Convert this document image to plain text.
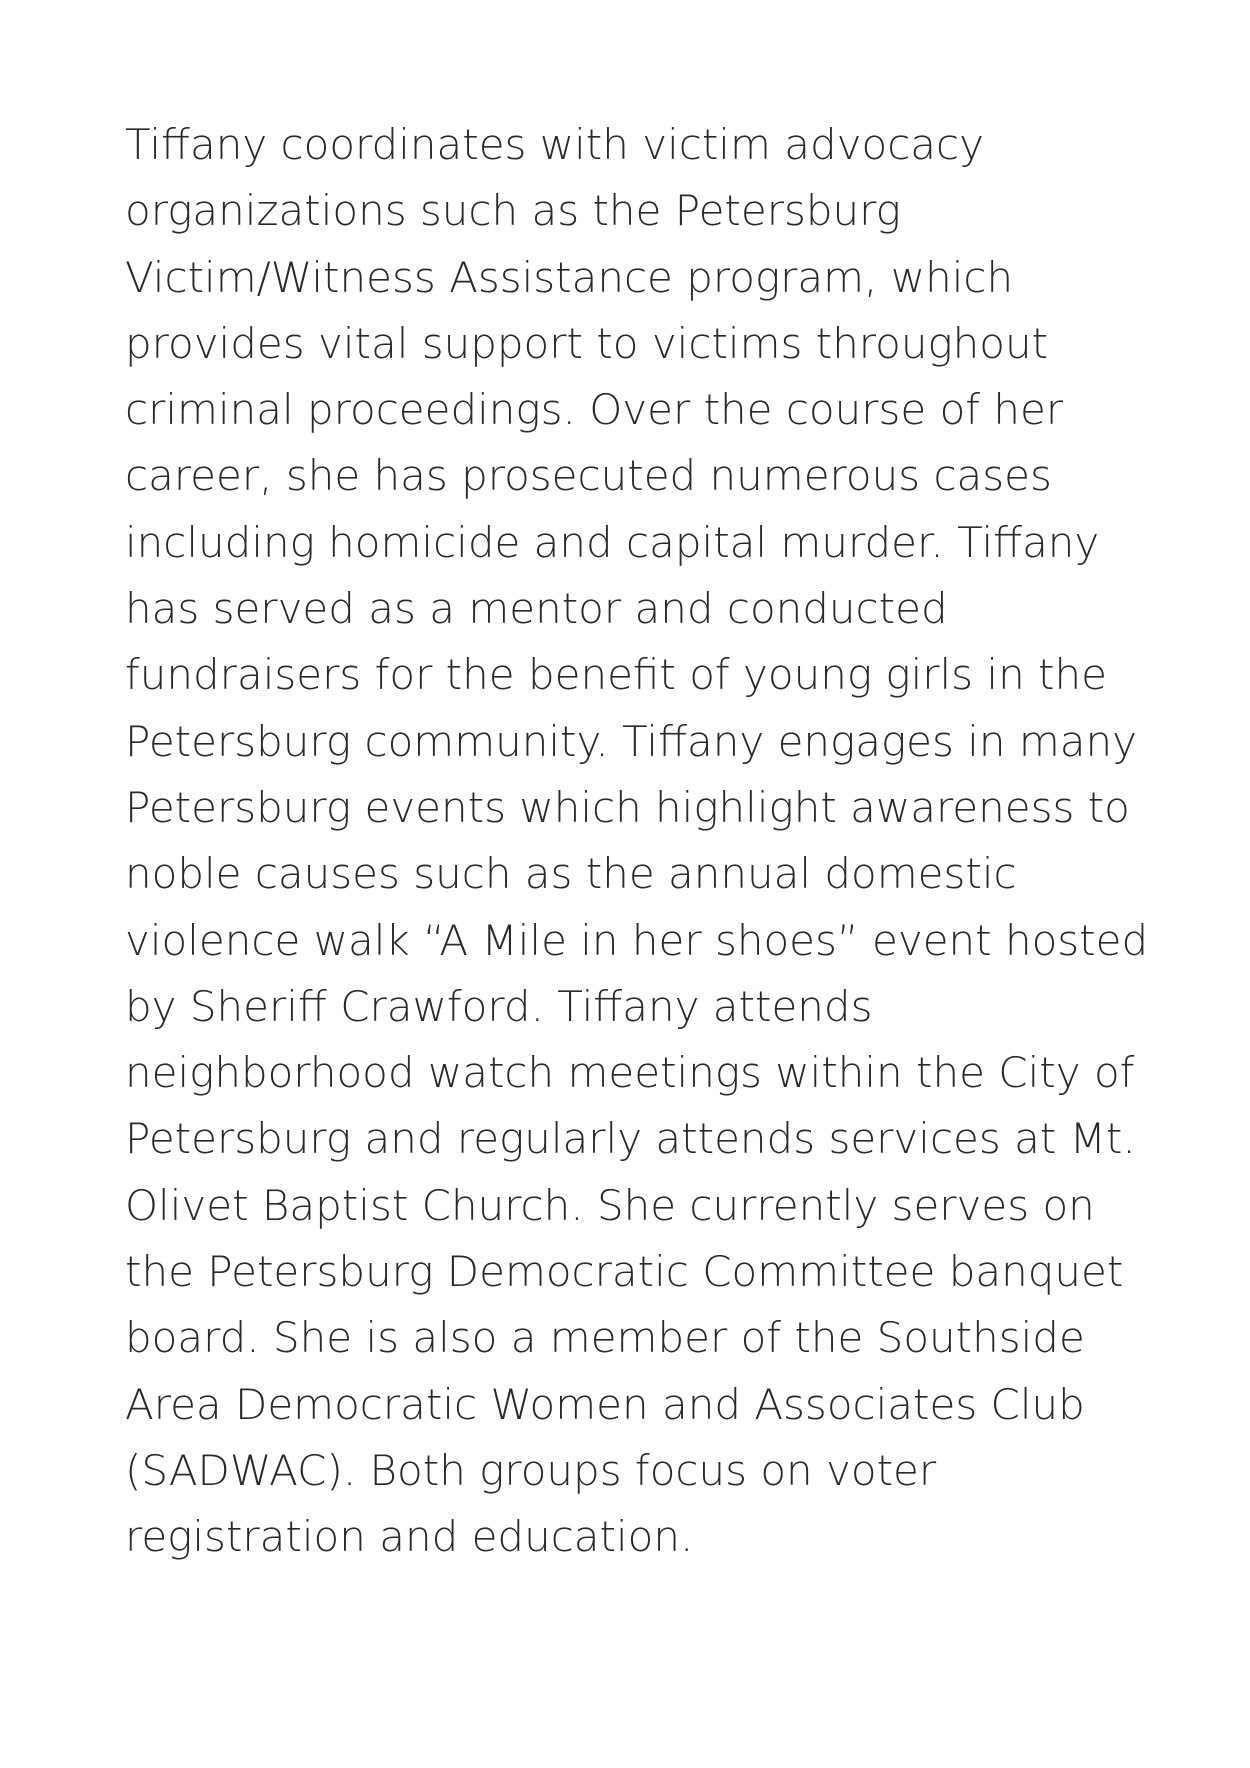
Tiffany coordinates with victim advocacy
organizations such as the Petersburg
Victim/Witness Assistance program, which
provides vital support to victims throughout
criminal proceedings. Over the course of her
career, she has prosecuted numerous cases
including homicide and capital murder. Tiffany
has served as a mentor and conducted
fundraisers for the benefit of young girls in the
Petersburg community. Tiffany engages in many
Petersburg events which highlight awareness to
noble causes such as the annual domestic
violence walk “A Mile in her shoes” event hosted
by Sheriff Crawford. Tiffany attends
neighborhood watch meetings within the City of
Petersburg and regularly attends services at Mt.
Olivet Baptist Church. She currently serves on
the Petersburg Democratic Committee banquet
board. She is also a member of the Southside
Area Democratic Women and Associates Club
(SADWAC). Both groups focus on voter
registration and education.
